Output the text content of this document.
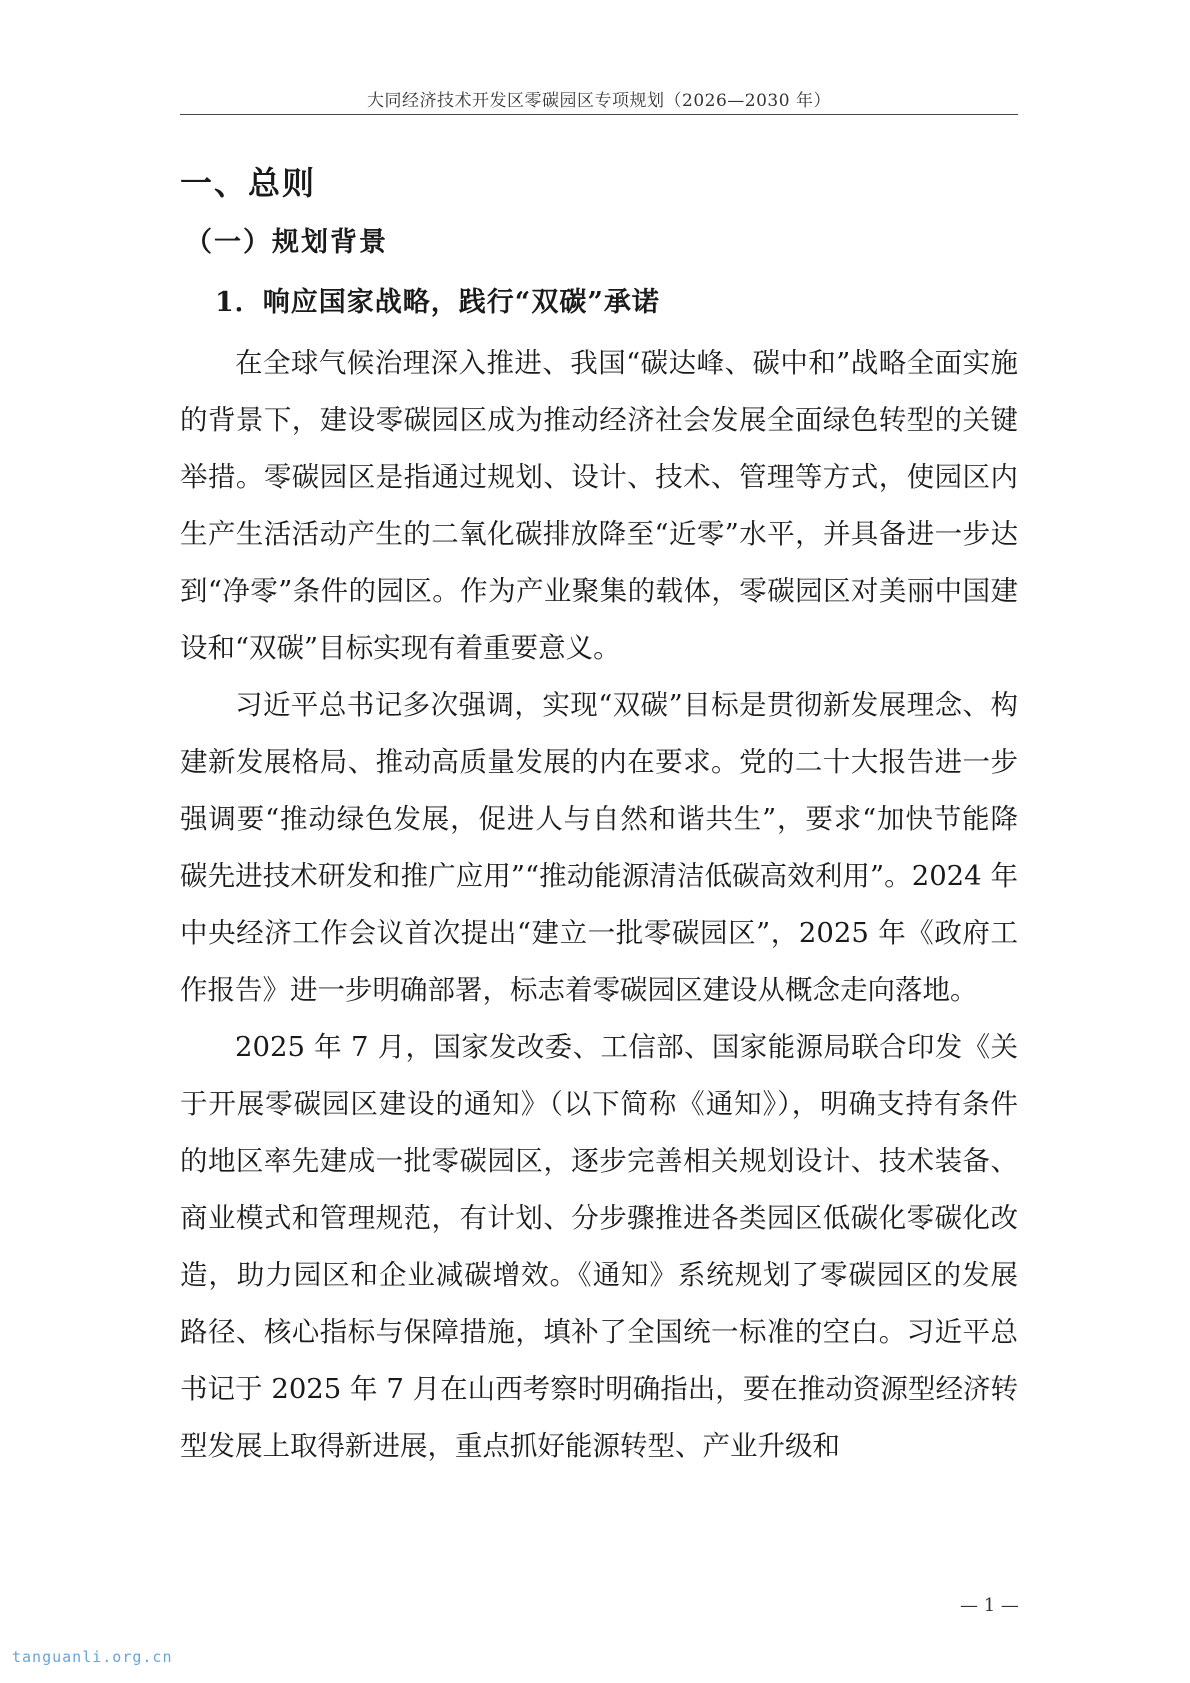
大同经济技术开发区零碳园区专项规划（2026—2030 年）
一、总则
（一）规划背景
1．响应国家战略，践行“双碳”承诺

在全球气候治理深入推进、我国“碳达峰、碳中和”战略全面实施的背景下，建设零碳园区成为推动经济社会发展全面绿色转型的关键举措。零碳园区是指通过规划、设计、技术、管理等方式，使园区内生产生活活动产生的二氧化碳排放降至“近零”水平，并具备进一步达到“净零”条件的园区。作为产业聚集的载体，零碳园区对美丽中国建设和“双碳”目标实现有着重要意义。

习近平总书记多次强调，实现“双碳”目标是贯彻新发展理念、构建新发展格局、推动高质量发展的内在要求。党的二十大报告进一步强调要“推动绿色发展，促进人与自然和谐共生”，要求“加快节能降碳先进技术研发和推广应用”“推动能源清洁低碳高效利用”。2024 年中央经济工作会议首次提出“建立一批零碳园区”，2025 年《政府工作报告》进一步明确部署，标志着零碳园区建设从概念走向落地。

2025 年 7 月，国家发改委、工信部、国家能源局联合印发《关于开展零碳园区建设的通知》（以下简称《通知》），明确支持有条件的地区率先建成一批零碳园区，逐步完善相关规划设计、技术装备、商业模式和管理规范，有计划、分步骤推进各类园区低碳化零碳化改造，助力园区和企业减碳增效。《通知》系统规划了零碳园区的发展路径、核心指标与保障措施，填补了全国统一标准的空白。习近平总书记于 2025 年 7 月在山西考察时明确指出，要在推动资源型经济转型发展上取得新进展，重点抓好能源转型、产业升级和

— 1 —
tanguanli.org.cn
